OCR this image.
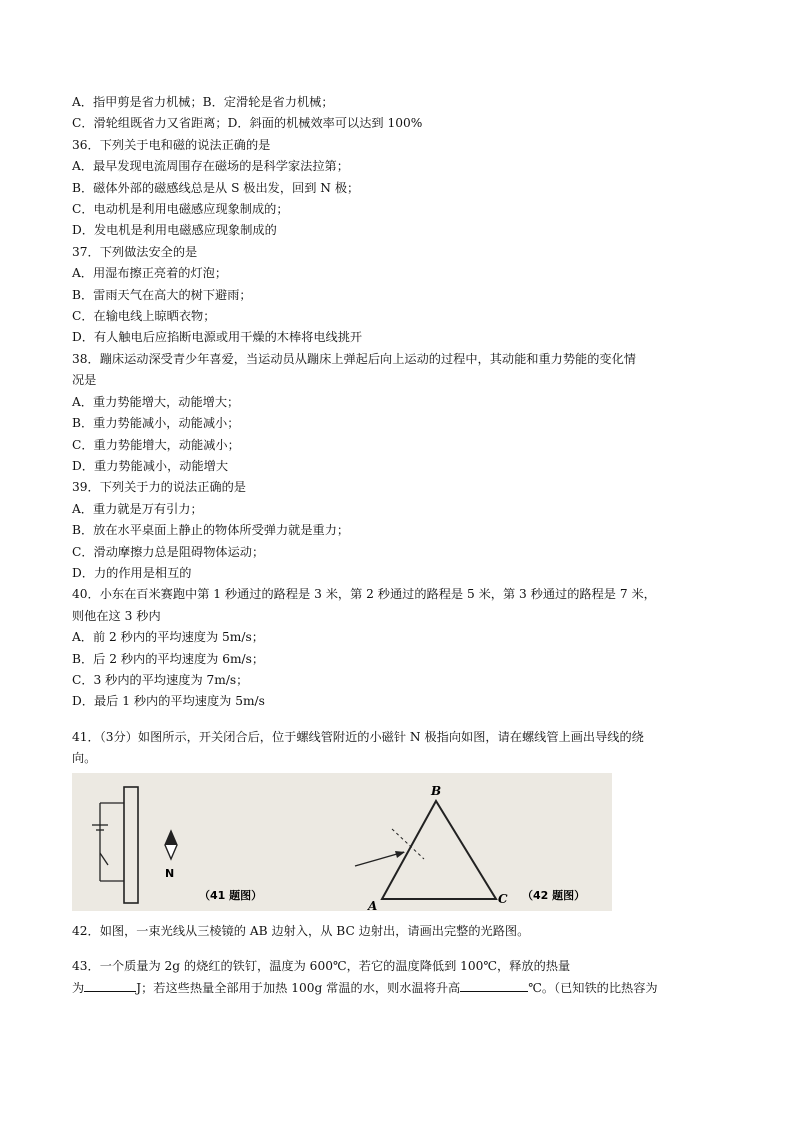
A．指甲剪是省力机械；B．定滑轮是省力机械；
C．滑轮组既省力又省距离；D．斜面的机械效率可以达到 100%
36．下列关于电和磁的说法正确的是
A．最早发现电流周围存在磁场的是科学家法拉第；
B．磁体外部的磁感线总是从 S 极出发，回到 N 极；
C．电动机是利用电磁感应现象制成的；
D．发电机是利用电磁感应现象制成的
37．下列做法安全的是
A．用湿布擦正亮着的灯泡；
B．雷雨天气在高大的树下避雨；
C．在输电线上晾晒衣物；
D．有人触电后应掐断电源或用干燥的木棒将电线挑开
38．蹦床运动深受青少年喜爱，当运动员从蹦床上弹起后向上运动的过程中，其动能和重力势能的变化情
况是
A．重力势能增大，动能增大；
B．重力势能减小，动能减小；
C．重力势能增大，动能减小；
D．重力势能减小，动能增大
39．下列关于力的说法正确的是
A．重力就是万有引力；
B．放在水平桌面上静止的物体所受弹力就是重力；
C．滑动摩擦力总是阻碍物体运动；
D．力的作用是相互的
40．小东在百米赛跑中第 1 秒通过的路程是 3 米，第 2 秒通过的路程是 5 米，第 3 秒通过的路程是 7 米，
则他在这 3 秒内
A．前 2 秒内的平均速度为 5m/s；
B．后 2 秒内的平均速度为 6m/s；
C．3 秒内的平均速度为 7m/s；
D．最后 1 秒内的平均速度为 5m/s
41．（3分）如图所示，开关闭合后，位于螺线管附近的小磁针 N 极指向如图，请在螺线管上画出导线的绕
向。
N
（41 题图）
B
A	C （42 题图）
42．如图，一束光线从三棱镜的 AB 边射入，从 BC 边射出，请画出完整的光路图。
43．一个质量为 2g 的烧红的铁钉，温度为 600℃，若它的温度降低到 100℃，释放的热量
为	J；若这些热量全部用于加热 100g 常温的水，则水温将升高	℃。（已知铁的比热容为
